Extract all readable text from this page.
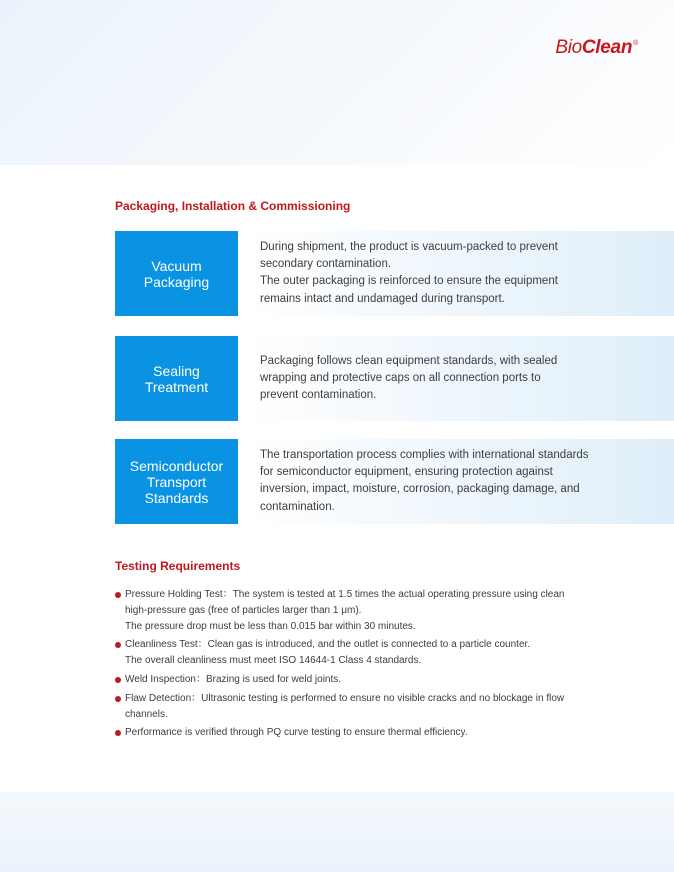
BioClean®
Packaging, Installation & Commissioning
Vacuum
Packaging
During shipment, the product is vacuum-packed to prevent
secondary contamination.
The outer packaging is reinforced to ensure the equipment
remains intact and undamaged during transport.
Sealing
Treatment
Packaging follows clean equipment standards, with sealed
wrapping and protective caps on all connection ports to
prevent contamination.
Semiconductor
Transport
Standards
The transportation process complies with international standards
for semiconductor equipment, ensuring protection against
inversion, impact, moisture, corrosion, packaging damage, and
contamination.
Testing Requirements
Pressure Holding Test：The system is tested at 1.5 times the actual operating pressure using clean
high-pressure gas (free of particles larger than 1 μm).
The pressure drop must be less than 0.015 bar within 30 minutes.
Cleanliness Test：Clean gas is introduced, and the outlet is connected to a particle counter.
The overall cleanliness must meet ISO 14644-1 Class 4 standards.
Weld Inspection：Brazing is used for weld joints.
Flaw Detection：Ultrasonic testing is performed to ensure no visible cracks and no blockage in flow
channels.
Performance is verified through PQ curve testing to ensure thermal efficiency.
